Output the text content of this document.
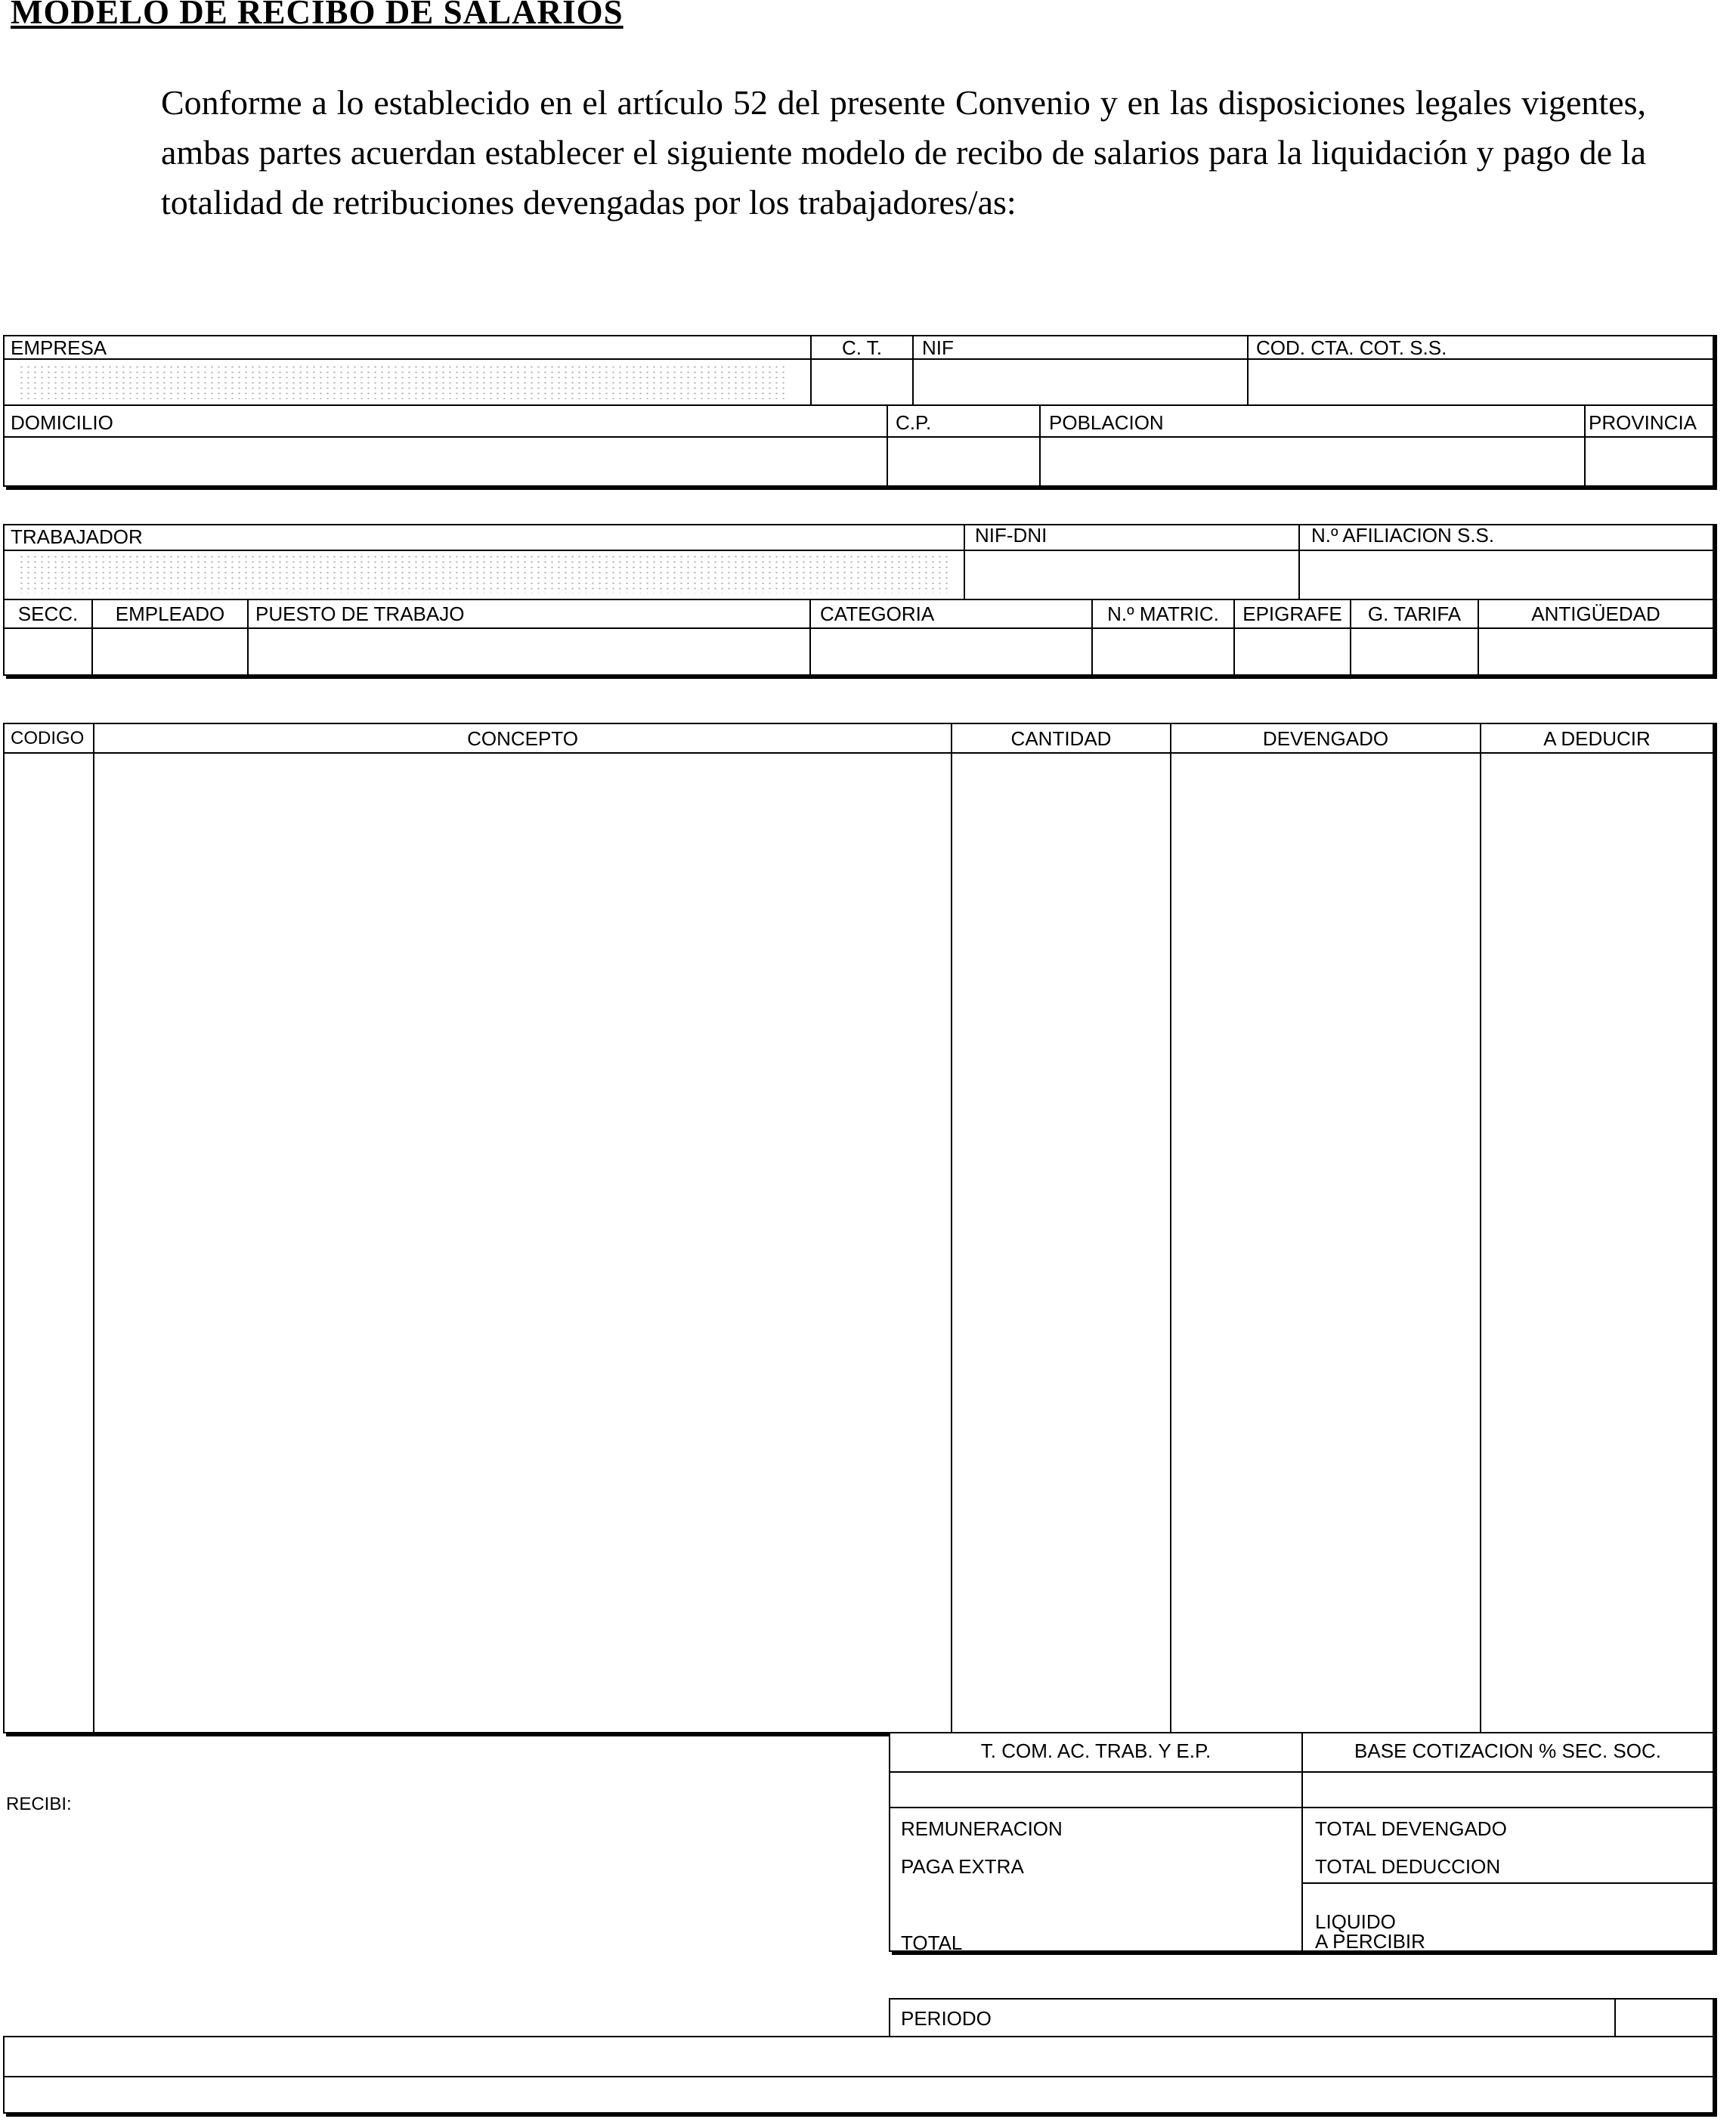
MODELO DE RECIBO DE SALARIOS

Conforme a lo establecido en el artículo 52 del presente Convenio y en las disposiciones legales vigentes, ambas partes acuerdan establecer el siguiente modelo de recibo de salarios para la liquidación y pago de la totalidad de retribuciones devengadas por los trabajadores/as:

EMPRESA	C. T.	NIF	COD. CTA. COT. S.S.
DOMICILIO	C.P.	POBLACION	PROVINCIA
TRABAJADOR	NIF-DNI	N.º AFILIACION S.S.
SECC.	EMPLEADO	PUESTO DE TRABAJO	CATEGORIA	N.º MATRIC.	EPIGRAFE	G. TARIFA	ANTIGÜEDAD
CODIGO	CONCEPTO	CANTIDAD	DEVENGADO	A DEDUCIR
RECIBI:
T. COM. AC. TRAB. Y E.P.	BASE COTIZACION % SEC. SOC.
REMUNERACION
PAGA EXTRA
TOTAL
TOTAL DEVENGADO
TOTAL DEDUCCION
LIQUIDO
A PERCIBIR
PERIODO
